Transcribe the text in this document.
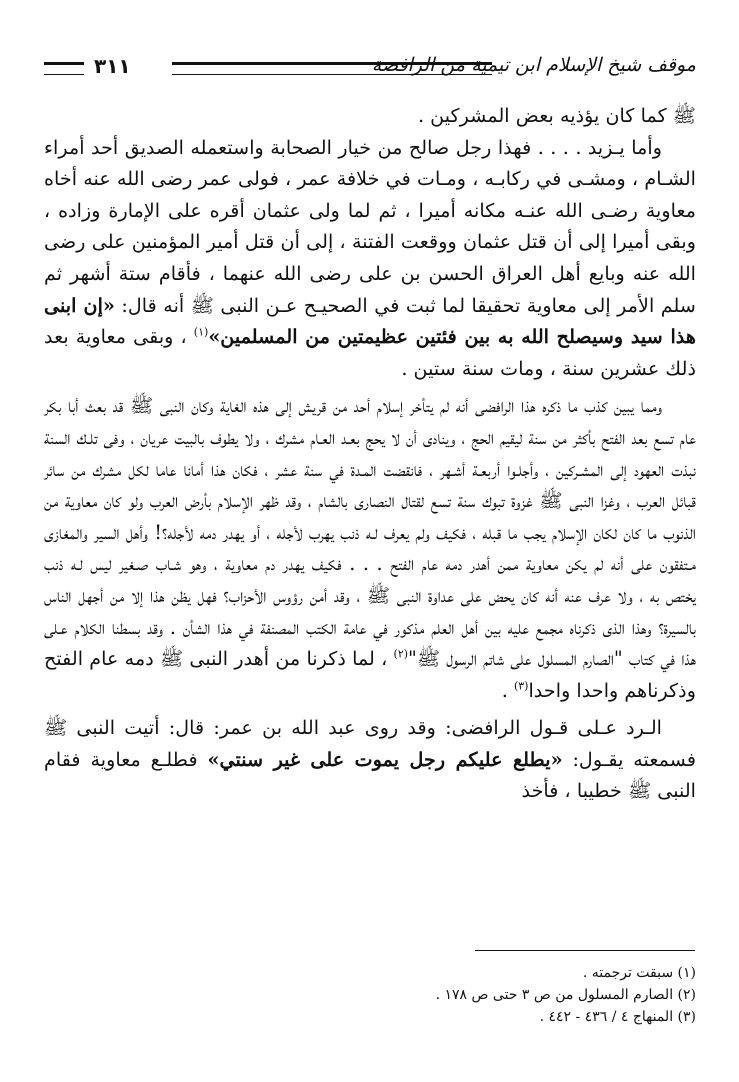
٣١١	موقف شيخ الإسلام ابن تيمية من الرافضة

ﷺ كما كان يؤذيه بعض المشركين .

وأما يـزيد . . . . فهذا رجل صالح من خيار الصحابة واستعمله الصديق أحد أمراء الشـام ، ومشـى في ركابـه ، ومـات في خلافة عمر ، فولى عمر رضى الله عنه أخاه معاوية رضـى الله عنـه مكانه أميرا ، ثم لما ولى عثمان أقره على الإمارة وزاده ، وبقى أميرا إلى أن قتل عثمان ووقعت الفتنة ، إلى أن قتل أمير المؤمنين على رضى الله عنه وبايع أهل العراق الحسن بن على رضى الله عنهما ، فأقام ستة أشهر ثم سلم الأمر إلى معاوية تحقيقا لما ثبت في الصحيـح عـن النبى ﷺ أنه قال: «إن ابنى هذا سيد وسيصلح الله به بين فئتين عظيمتين من المسلمين»$^{(١)}$ ، وبقى معاوية بعد ذلك عشرين سنة ، ومات سنة ستين .

ومما يبين كذب ما ذكره هذا الرافضى أنه لم يتأخر إسلام أحد من قريش إلى هذه الغاية وكان النبى ﷺ قد بعث أبا بكر عام تسع بعد الفتح بأكثر من سنة ليقيم الحج ، وينادى أن لا يحج بعـد العـام مشرك ، ولا يطوف بالبيت عريان ، وفى تلـك السنة نبذت العهود إلى المشـركين ، وأجلـوا أربعـة أشـهر ، فانقضت المـدة في سنة عشر ، فكان هذا أمانا عاما لكل مشرك من سائر قبائل العرب ، وغزا النبى ﷺ غزوة تبوك سنة تسع لقتال النصارى بالشام ، وقد ظهر الإسلام بأرض العرب ولو كان معاوية من الذنوب ما كان لكان الإسلام يجب ما قبله ، فكيف ولم يعرف لـه ذنب يهرب لأجله ، أو يهدر دمه لأجله؟! وأهل السير والمغازى مـتفقون على أنه لم يكن معاوية ممن أهدر دمه عام الفتح . . . فكيف يهدر دم معاوية ، وهو شـاب صـغير ليس لـه ذنب يختص به ، ولا عرف عنه أنه كان يحض على عداوة النبى ﷺ ، وقد أمن رؤوس الأحزاب؟ فهل يظن هذا إلا من أجهل الناس بالسيرة؟ وهذا الذى ذكرناه مجمع عليه بين أهل العلم مذكور في عامة الكتب المصنفة في هذا الشأن . وقد بسطنا الكلام عـلى هذا في كتاب "الصارم المسلول على شاتم الرسول ﷺ"$^{(٢)}$ ، لما ذكرنا من أهدر النبى ﷺ دمه عام الفتح وذكرناهم واحدا واحدا$^{(٣)}$ .

الـرد عـلى قـول الرافضى: وقد روى عبد الله بن عمر: قال: أتيت النبى ﷺ فسمعته يقـول: «يطلع عليكم رجل يموت على غير سنتي» فطلـع معاوية فقام النبى ﷺ خطيبا ، فأخذ

(١) سبقت ترجمته .
(٢) الصارم المسلول من ص ٣ حتى ص ١٧٨ .
(٣) المنهاج ٤ / ٤٣٦ - ٤٤٢ .
